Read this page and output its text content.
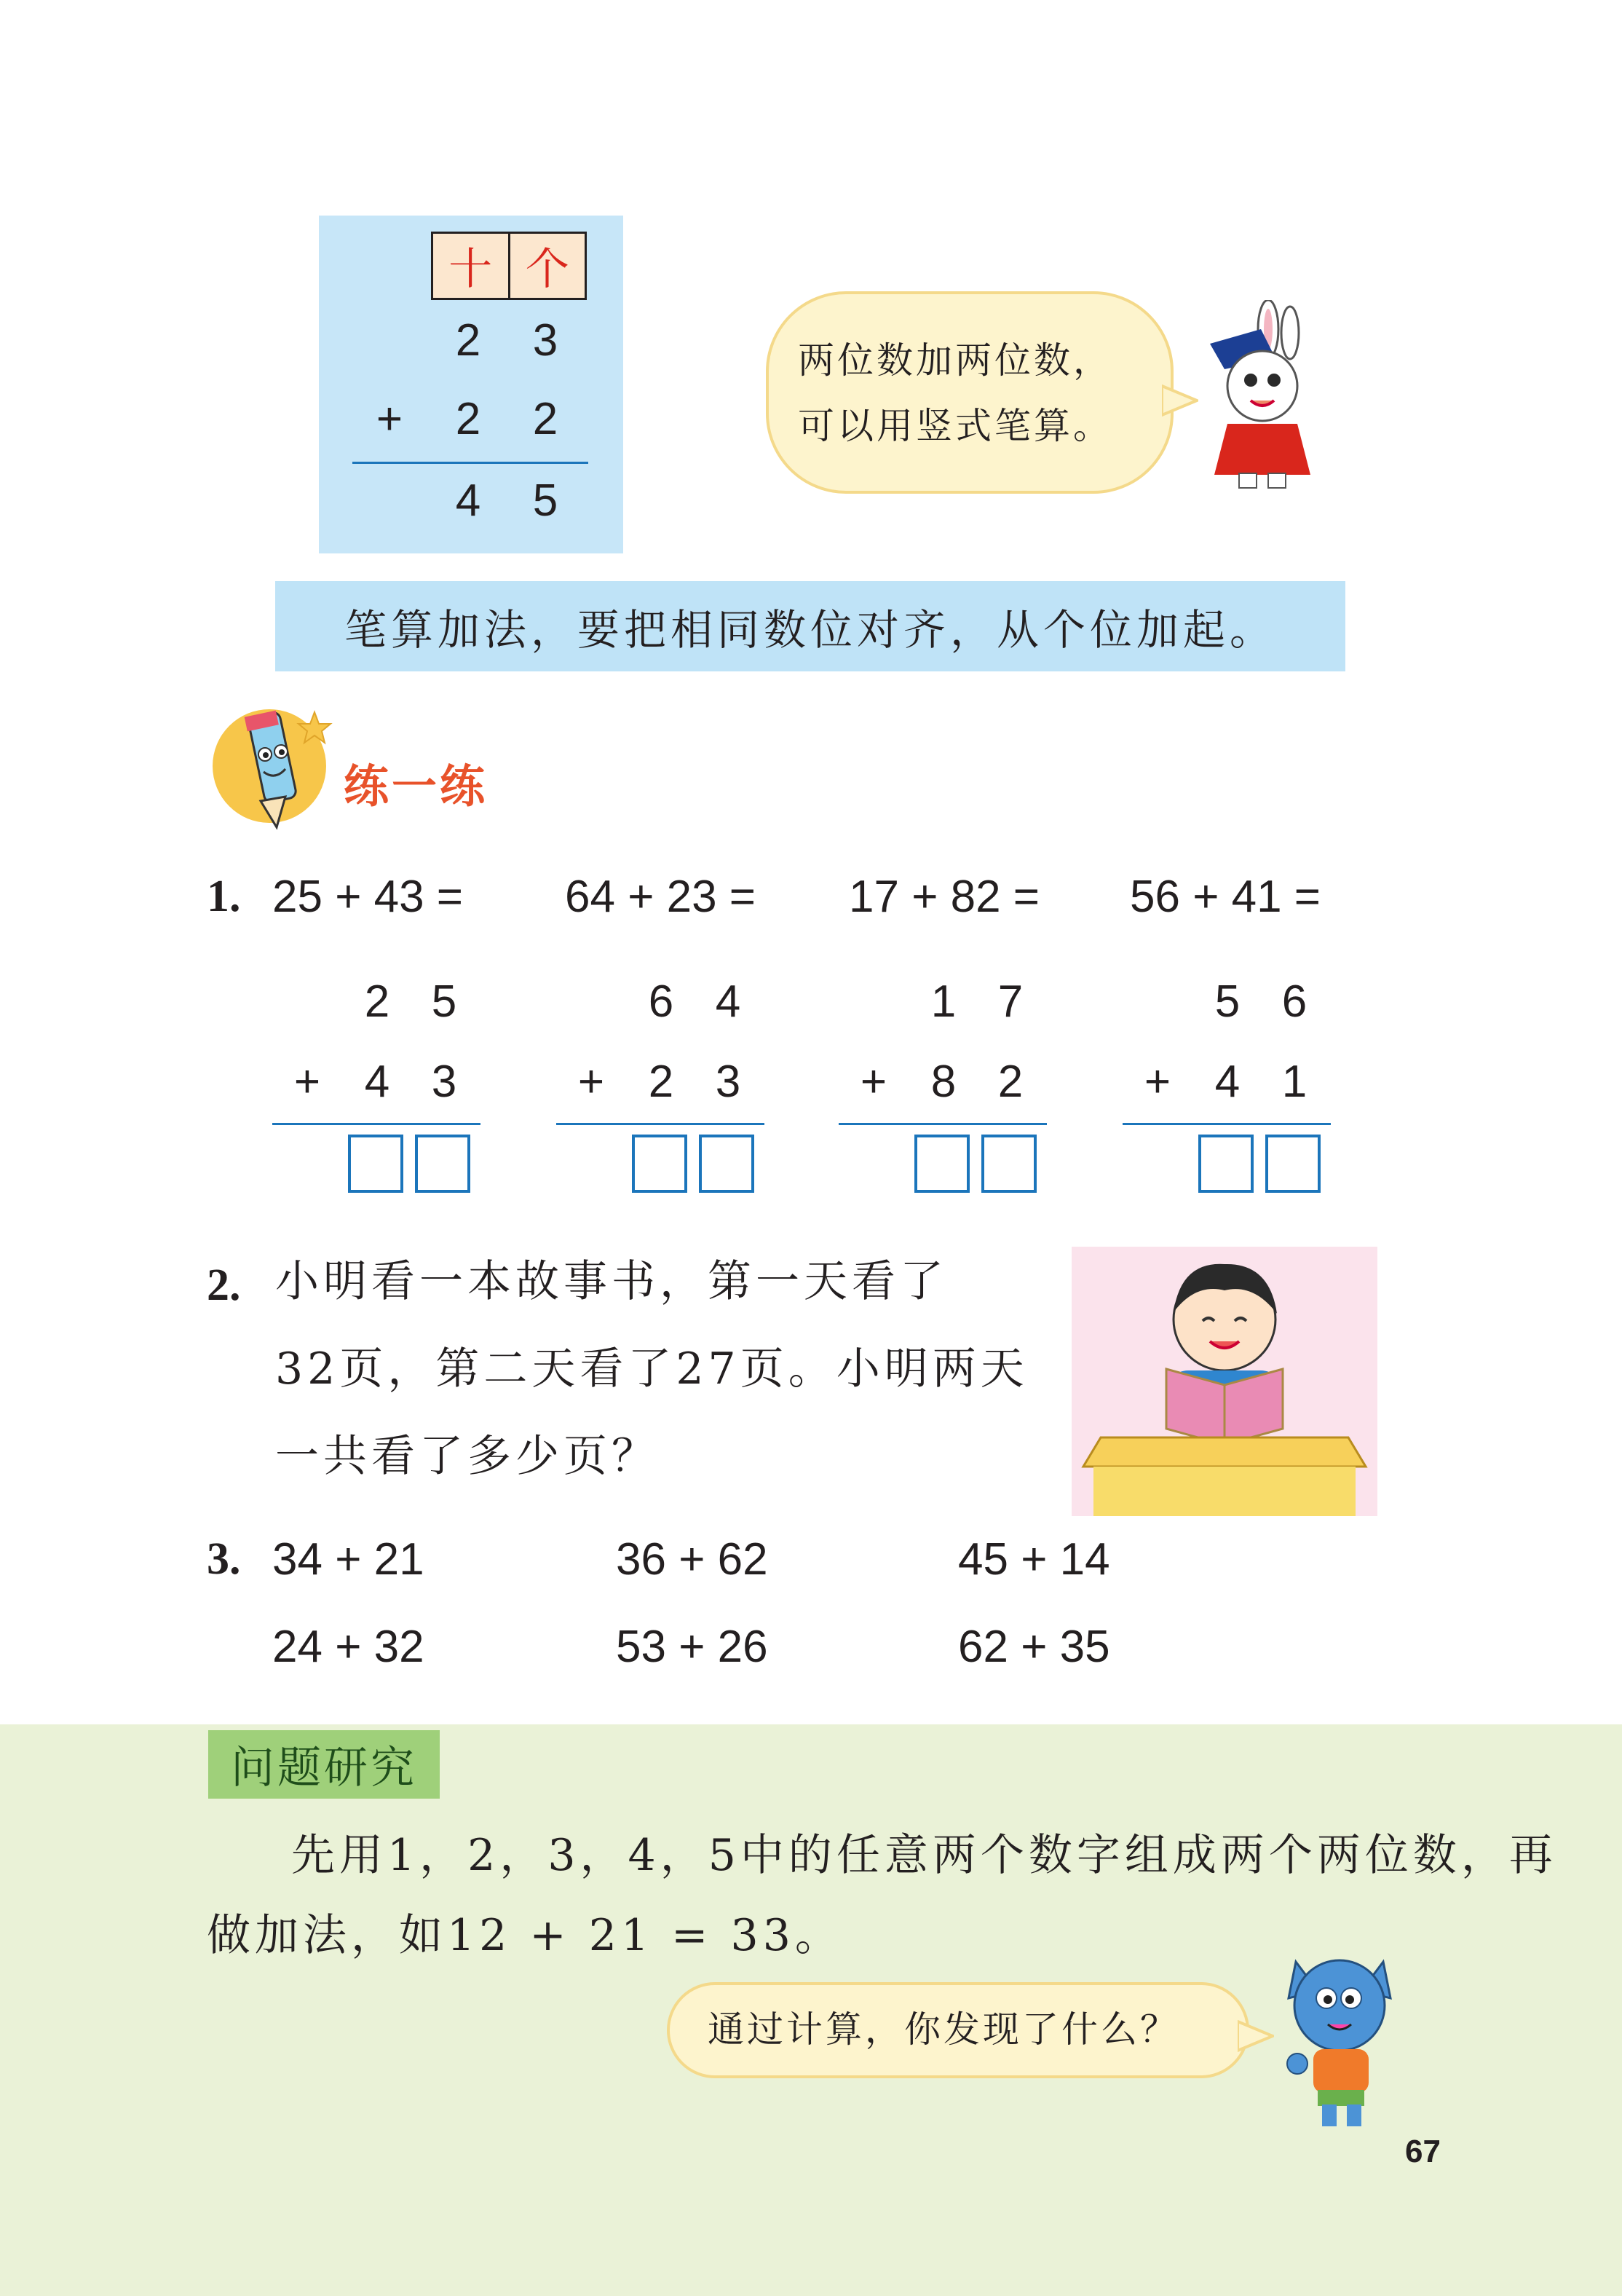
十 个
2 3
+ 2 2
4 5
两位数加两位数，
可以用竖式笔算。
笔算加法，要把相同数位对齐，从个位加起。
练一练
1. 25 + 43 = 64 + 23 = 17 + 82 = 56 + 41 =
2 5
+ 4 3
6 4
+ 2 3
1 7
+ 8 2
5 6
+ 4 1
2. 小明看一本故事书，第一天看了
32页，第二天看了27页。小明两天
一共看了多少页？
3. 34 + 21	36 + 62	45 + 14
24 + 32	53 + 26	62 + 35
问题研究
先用1，2，3，4，5中的任意两个数字组成两个两位数，再
做加法，如12 + 21 = 33。
通过计算，你发现了什么？
67
